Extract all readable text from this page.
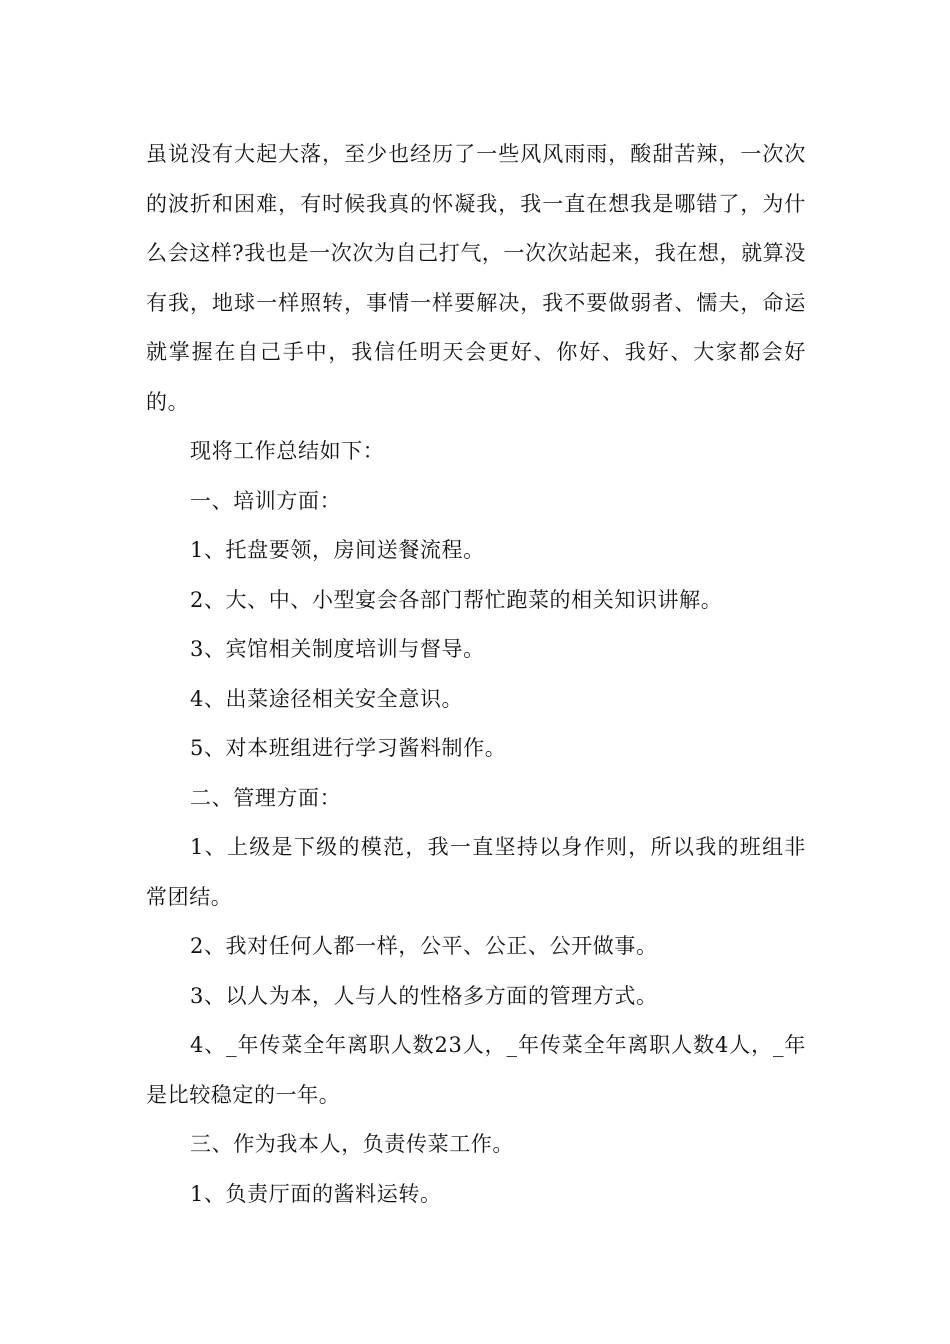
虽说没有大起大落，至少也经历了一些风风雨雨，酸甜苦辣，一次次的波折和困难，有时候我真的怀凝我，我一直在想我是哪错了，为什么会这样?我也是一次次为自己打气，一次次站起来，我在想，就算没有我，地球一样照转，事情一样要解决，我不要做弱者、懦夫，命运就掌握在自己手中，我信任明天会更好、你好、我好、大家都会好的。

现将工作总结如下：

一、培训方面：

1、托盘要领，房间送餐流程。

2、大、中、小型宴会各部门帮忙跑菜的相关知识讲解。

3、宾馆相关制度培训与督导。

4、出菜途径相关安全意识。

5、对本班组进行学习酱料制作。

二、管理方面：

1、上级是下级的模范，我一直坚持以身作则，所以我的班组非常团结。

2、我对任何人都一样，公平、公正、公开做事。

3、以人为本，人与人的性格多方面的管理方式。

4、_年传菜全年离职人数23人，_年传菜全年离职人数4人，_年是比较稳定的一年。

三、作为我本人，负责传菜工作。

1、负责厅面的酱料运转。
